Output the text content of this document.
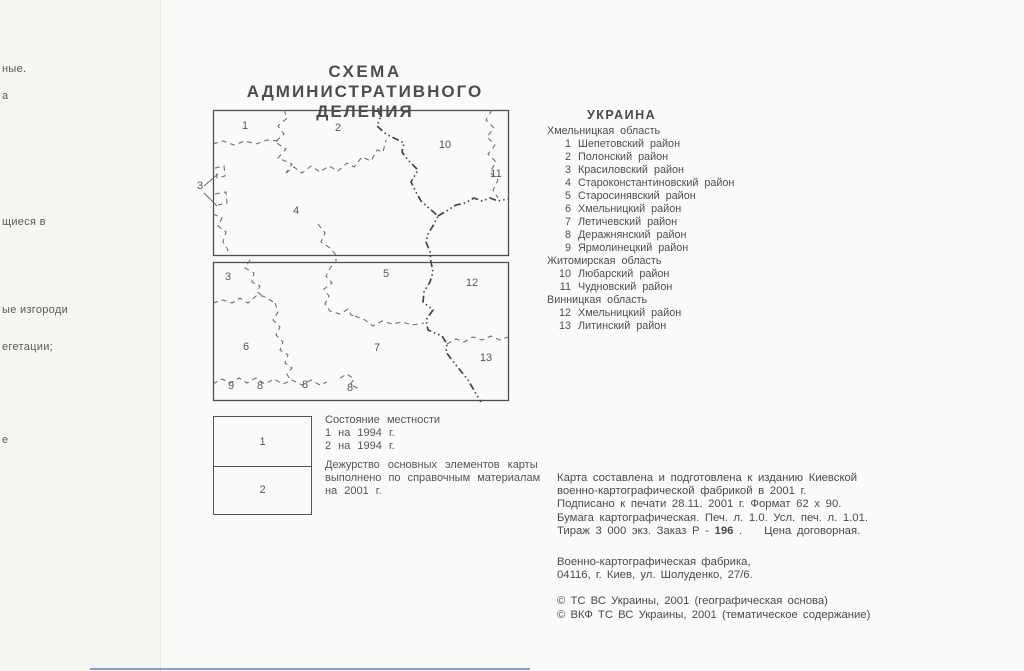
ные.
а
щиеся в
ые изгороди
егетации;
е
СХЕМА
АДМИНИСТРАТИВНОГО ДЕЛЕНИЯ
1	2
10
11
4
3
3	5
12
6	7
13
9 8	8	8
УКРАИНА
Хмельницкая область
1 Шепетовский район
2 Полонский район
3 Красиловский район
4 Староконстантиновский район
5 Старосинявский район
6 Хмельницкий район
7 Летичевский район
8 Деражнянский район
9 Ярмолинецкий район
Житомирская область
10 Любарский район
11 Чудновский район
Винницкая область
12 Хмельницкий район
13 Литинский район
1
2
Состояние местности
1 на 1994 г.
2 на 1994 г.
Дежурство основных элементов карты
выполнено по справочным материалам
на 2001 г.
Карта составлена и подготовлена к изданию Киевской
военно-картографической фабрикой в 2001 г.
Подписано к печати 28.11. 2001 г. Формат 62 х 90.
Бумага картографическая. Печ. л. 1.0. Усл. печ. л. 1.01.
Тираж 3 000 экз. Заказ Р - 196 . Цена договорная.
Военно-картографическая фабрика,
04116, г. Киев, ул. Шолуденко, 27/6.
© ТС ВС Украины, 2001 (географическая основа)
© ВКФ ТС ВС Украины, 2001 (тематическое содержание)
